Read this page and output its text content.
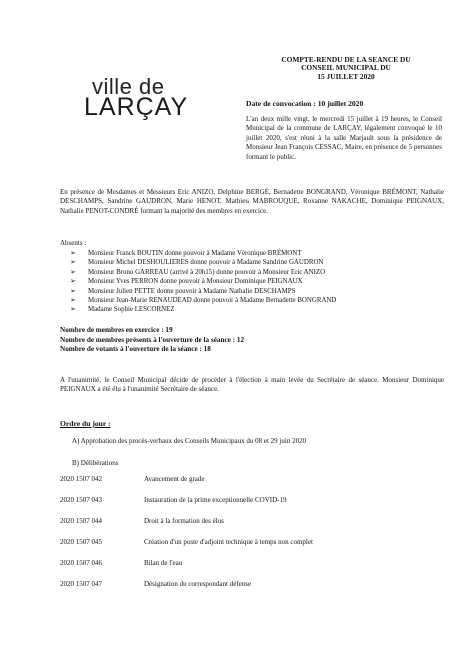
ville de
LARÇAY
COMPTE-RENDU DE LA SEANCE DU
CONSEIL MUNICIPAL DU
15 JUILLET 2020
Date de convocation : 10 juillet 2020
L'an deux mille vingt, le mercredi 15 juillet à 19 heures, le Conseil Municipal de la commune de LARÇAY, légalement convoqué le 10 juillet 2020, s'est réuni à la salle Marjault sous la présidence de Monsieur Jean François CESSAC, Maire, en présence de 5 personnes formant le public.
En présence de Mesdames et Messieurs Eric ANIZO, Delphine BERGÉ, Bernadette BONGRAND, Véronique BRÉMONT, Nathalie DESCHAMPS, Sandrine GAUDRON, Marie HENOT, Mathieu MABROUQUE, Roxanne NAKACHE, Dominique PEIGNAUX, Nathalie PENOT-CONDRÉ formant la majorité des membres en exercice.
Absents :
➢ Monsieur Franck BOUTIN donne pouvoir à Madame Véronique BRÉMONT
➢ Monsieur Michel DESHOULIERES donne pouvoir à Madame Sandrine GAUDRON
➢ Monsieur Bruno GARREAU (arrivé à 20h15) donne pouvoir à Monsieur Eric ANIZO
➢ Monsieur Yves PERRON donne pouvoir à Monsieur Dominique PEIGNAUX
➢ Monsieur Julien PETTE donne pouvoir à Madame Nathalie DESCHAMPS
➢ Monsieur Jean-Marie RENAUDEAD donne pouvoir à Madame Bernadette BONGRAND
➢ Madame Sophie LESCORNEZ
Nombre de membres en exercice : 19
Nombre de membres présents à l'ouverture de la séance : 12
Nombre de votants à l'ouverture de la séance : 18
A l'unanimité, le Conseil Municipal décide de procéder à l'élection à main levée du Secrétaire de séance. Monsieur Dominique PEIGNAUX a été élu à l'unanimité Secrétaire de séance.
Ordre du jour :
A) Approbation des procès-verbaux des Conseils Municipaux du 08 et 29 juin 2020
B) Délibérations
2020 1507 042	Avancement de grade
2020 1507 043	Instauration de la prime exceptionnelle COVID-19
2020 1507 044	Droit à la formation des élus
2020 1507 045	Création d'un poste d'adjoint technique à temps non complet
2020 1507 046	Bilan de l'eau
2020 1507 047	Désignation du correspondant défense
